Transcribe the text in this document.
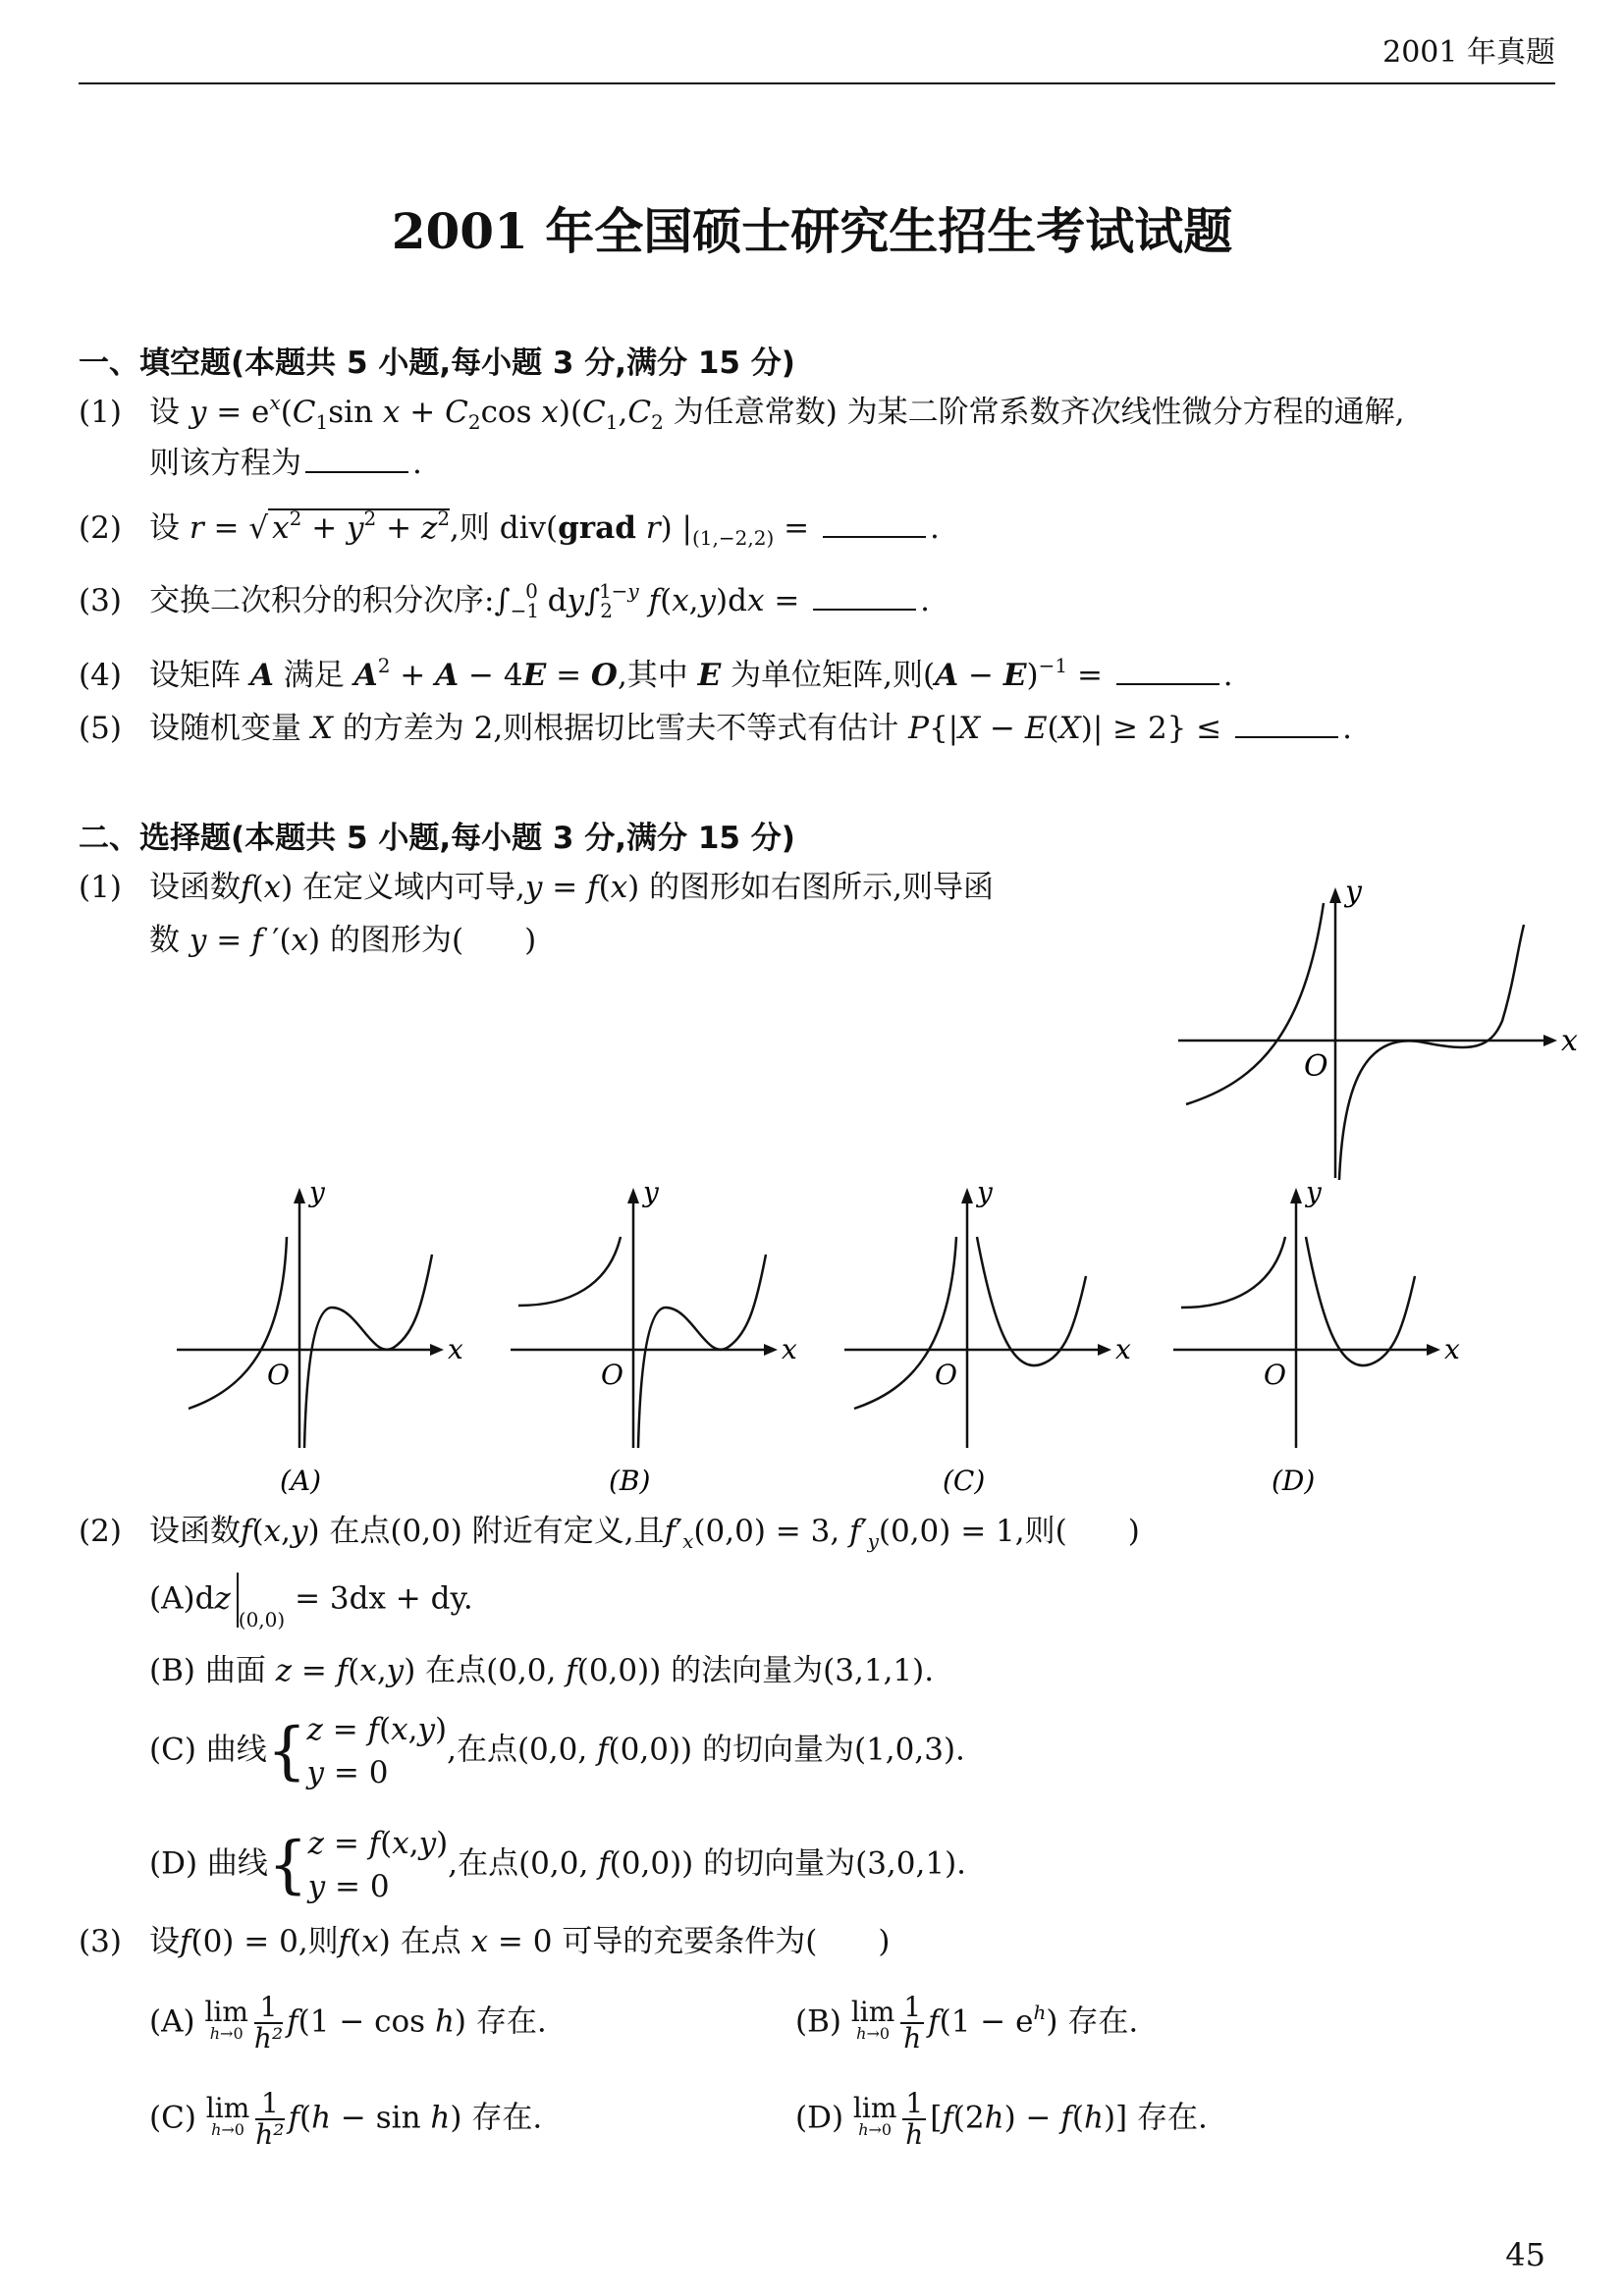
2001 年真题
2001 年全国硕士研究生招生考试试题
一、填空题(本题共 5 小题,每小题 3 分,满分 15 分)
(1) 设 $y = e^x(C_1\sin$ $x + C_2\cos$ $x)(C_1,C_2$ 为任意常数) 为某二阶常系数齐次线性微分方程的通解,
则该方程为	.
(2) 设 r = √ $x^2 + y^2 + z^2$,则 div(grad r) $|_{(1,-2,2)}$ =	.
(3) 交换二次积分的积分次序$:\int_{-1}^0$ $dy\int_2^{1-y}$ f(x,y)dx =	.
(4) 设矩阵 A 满足 $A^2 + A - 4E = O$,其中 E 为单位矩阵,则$(A - E)^{-1}$ =	.
(5) 设随机变量 X 的方差为 2,则根据切比雪夫不等式有估计 P{|X − E(X)| ≥ 2} ≤	.
二、选择题(本题共 5 小题,每小题 3 分,满分 15 分)
(1) 设函数f(x) 在定义域内可导,y = f(x) 的图形如右图所示,则导函
数 y = f ′(x) 的图形为(　　)
x
y
O
x
y
O
(A)
x
y
O
(B)
x
y
O
(C)
x
y
O
(D)
(2) 设函数f(x,y) 在点(0,0) 附近有定义,且$f'_x(0,0) = 3$, $f'_y(0,0) = 1$,则(　　)
$(A)dz_{(0,0)} = 3dx$ + dy.
(B) 曲面 z = f(x,y) 在点(0,0, f(0,0)) 的法向量为(3,1,1).
(C) 曲线{z = f(x,y)
y = 0,在点(0,0, f(0,0)) 的切向量为(1,0,3).
(D) 曲线{z = f(x,y)
y = 0,在点(0,0, f(0,0)) 的切向量为(3,0,1).
(3) 设f(0) = 0,则f(x) 在点 x = 0 可导的充要条件为(　　)
(A) lim
$h\to 0 \frac{1}{\text{h²}} f(1 - \cos h)$ 存在.	(B) lim
$h\to 0 \frac{1}{h} f(1 - e^h)$ 存在.
(C) lim
$h\to 0 \frac{1}{\text{h²}} f(h - \sin h)$ 存在.	(D) lim
$h\to 0 \frac{1}{h} [f(2h) - f(h)]$ 存在.
45
